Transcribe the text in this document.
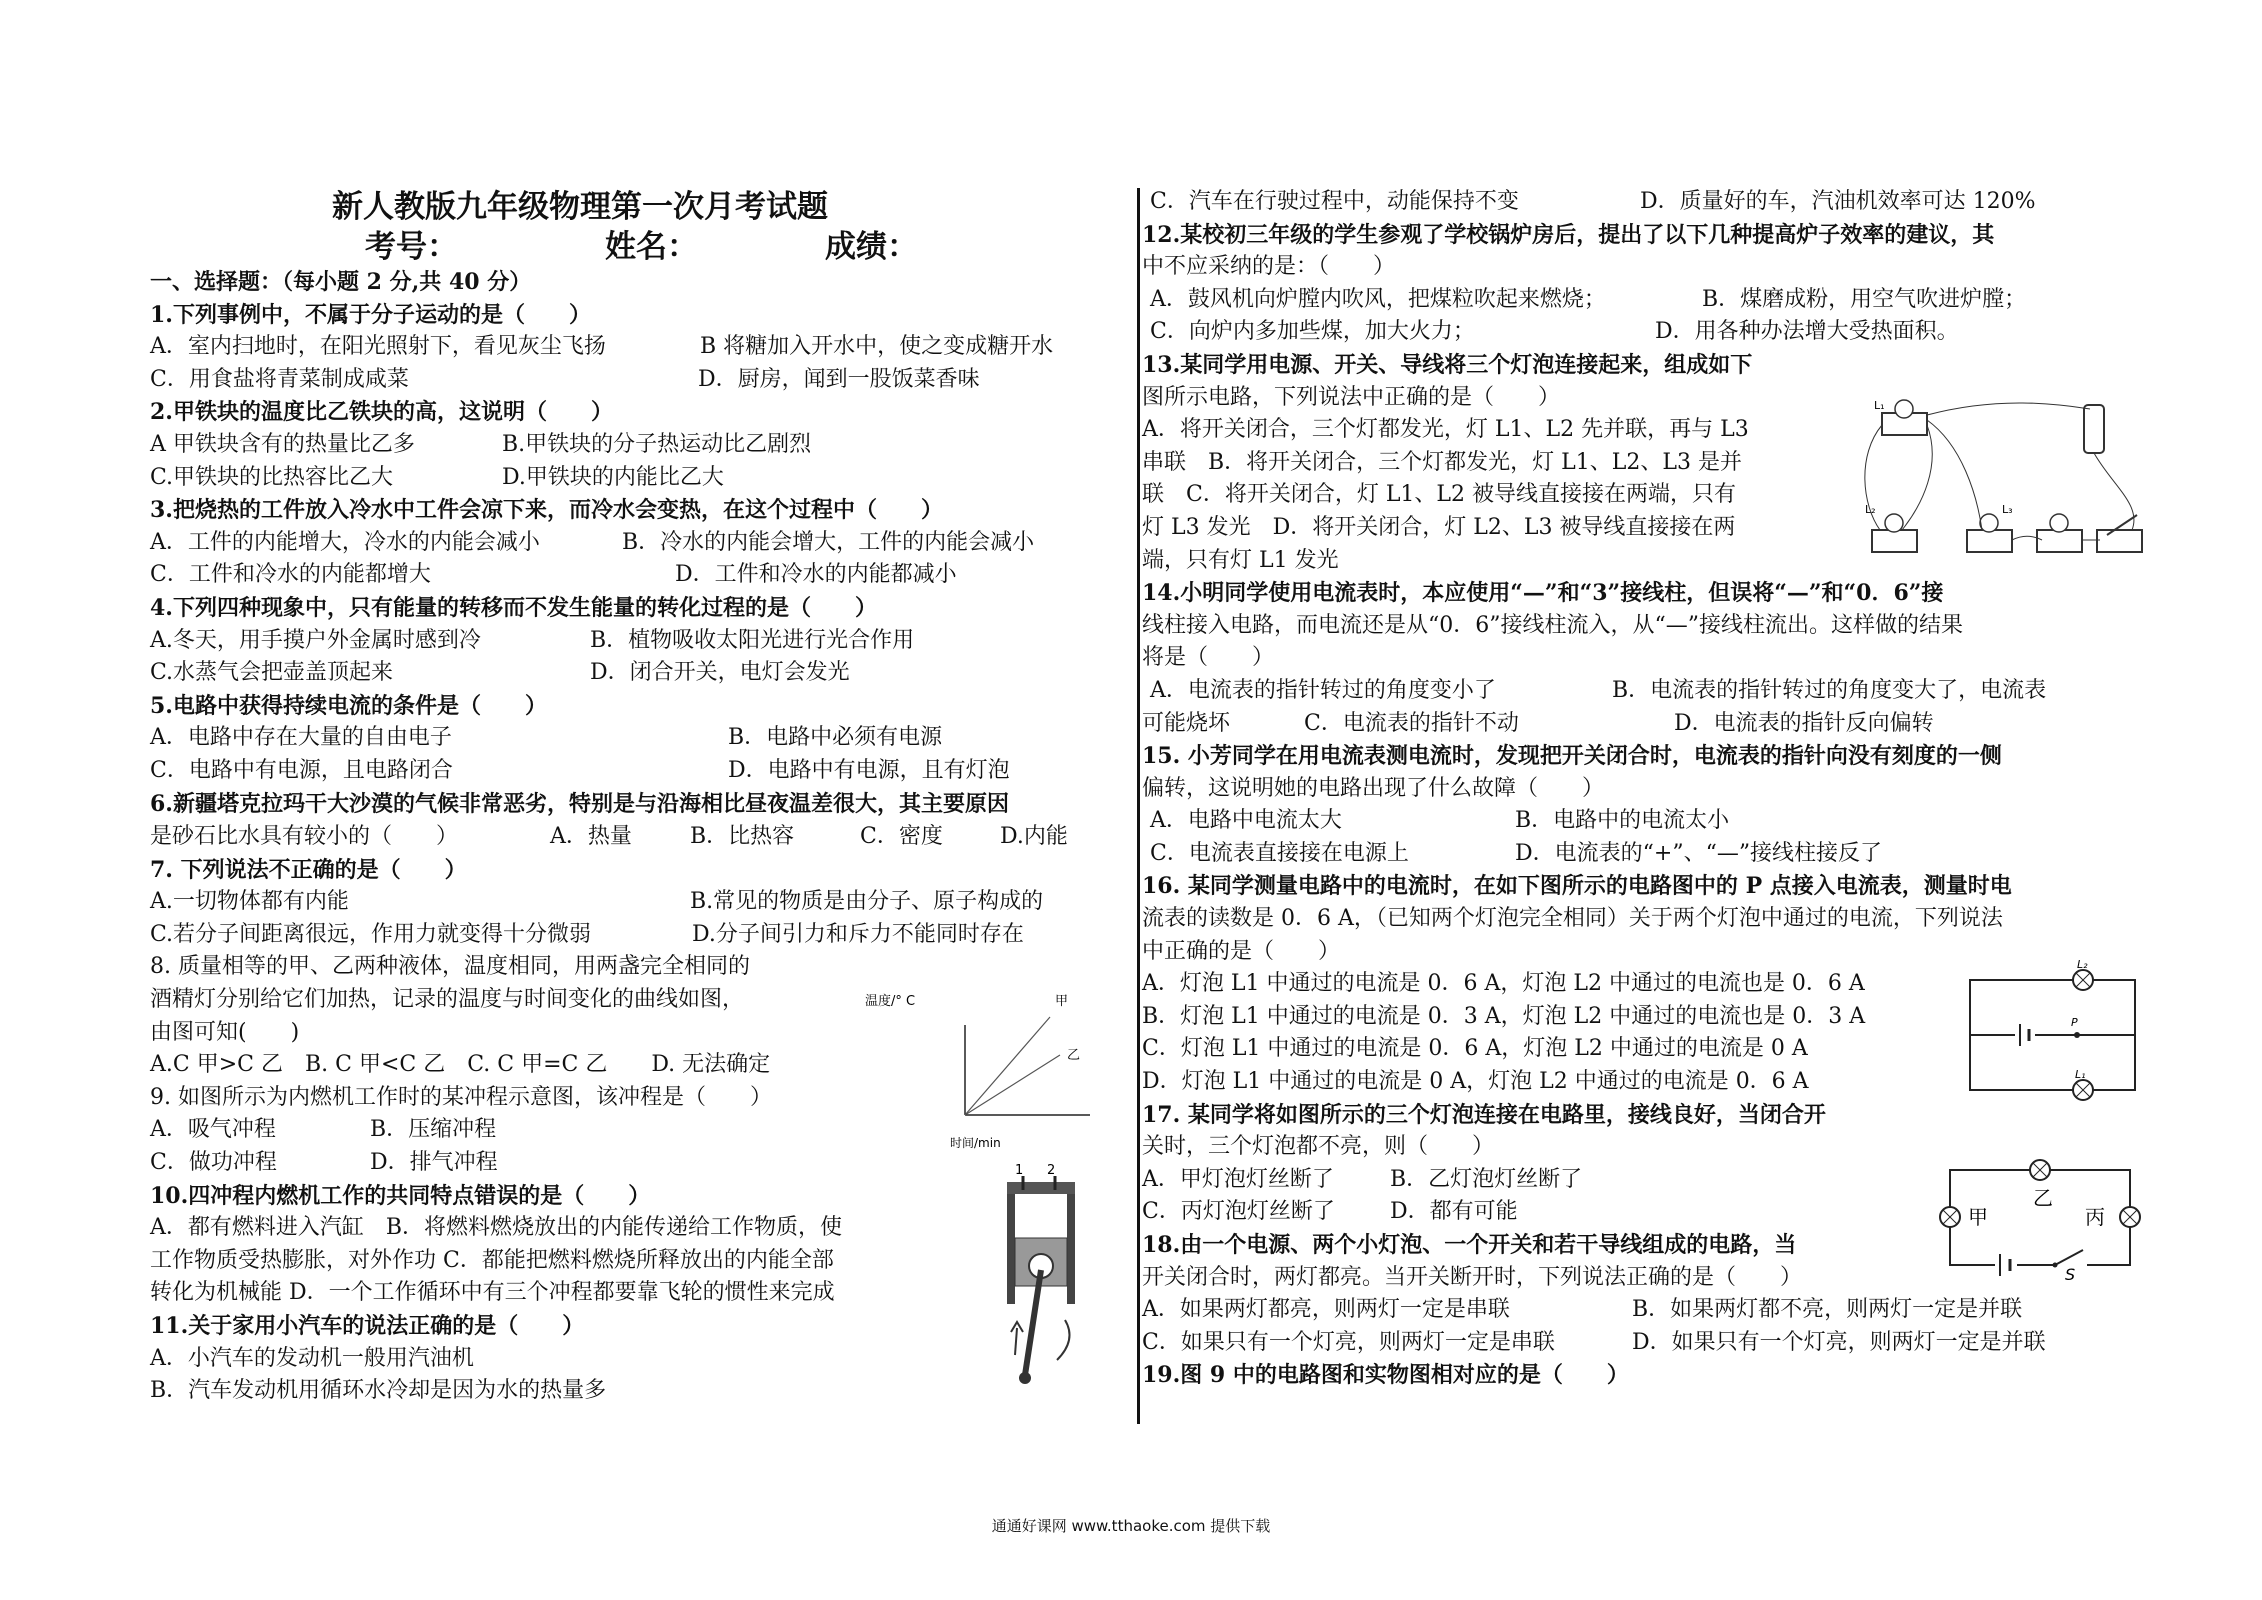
新人教版九年级物理第一次月考试题
考号：	姓名：	成绩：
一、选择题：（每小题 2 分,共 40 分）
1.下列事例中，不属于分子运动的是（　　）
A．室内扫地时，在阳光照射下，看见灰尘飞扬	B 将糖加入开水中，使之变成糖开水
C．用食盐将青菜制成咸菜	D．厨房，闻到一股饭菜香味
2.甲铁块的温度比乙铁块的高，这说明（　　）
A 甲铁块含有的热量比乙多	B.甲铁块的分子热运动比乙剧烈
C.甲铁块的比热容比乙大	D.甲铁块的内能比乙大
3.把烧热的工件放入冷水中工件会凉下来，而冷水会变热，在这个过程中（　　）
A．工件的内能增大，冷水的内能会减小	B．冷水的内能会增大，工件的内能会减小
C．工件和冷水的内能都增大	D．工件和冷水的内能都减小
4.下列四种现象中，只有能量的转移而不发生能量的转化过程的是（　　）
A.冬天，用手摸户外金属时感到冷	B．植物吸收太阳光进行光合作用
C.水蒸气会把壶盖顶起来	D．闭合开关，电灯会发光
5.电路中获得持续电流的条件是（　　）
A．电路中存在大量的自由电子	B．电路中必须有电源
C．电路中有电源，且电路闭合	D．电路中有电源，且有灯泡
6.新疆塔克拉玛干大沙漠的气候非常恶劣，特别是与沿海相比昼夜温差很大，其主要原因
是砂石比水具有较小的（　　）	A．热量	B．比热容	C．密度	D.内能
7. 下列说法不正确的是（　　）
A.一切物体都有内能	B.常见的物质是由分子、原子构成的
C.若分子间距离很远，作用力就变得十分微弱	D.分子间引力和斥力不能同时存在
8. 质量相等的甲、乙两种液体，温度相同，用两盏完全相同的
酒精灯分别给它们加热，记录的温度与时间变化的曲线如图，
由图可知(　　)
A.C 甲>C 乙　B. C 甲<C 乙　C. C 甲=C 乙　　D. 无法确定
9. 如图所示为内燃机工作时的某冲程示意图，该冲程是（　　）
A．吸气冲程	B．压缩冲程
C．做功冲程	D．排气冲程
10.四冲程内燃机工作的共同特点错误的是（　　）
A．都有燃料进入汽缸　B．将燃料燃烧放出的内能传递给工作物质，使
工作物质受热膨胀，对外作功 C．都能把燃料燃烧所释放出的内能全部
转化为机械能 D．一个工作循环中有三个冲程都要靠飞轮的惯性来完成
11.关于家用小汽车的说法正确的是（　　）
A．小汽车的发动机一般用汽油机
B．汽车发动机用循环水冷却是因为水的热量多
温度/° C	甲
乙
时间/min
1 2
C．汽车在行驶过程中，动能保持不变	D．质量好的车，汽油机效率可达 120%
12.某校初三年级的学生参观了学校锅炉房后，提出了以下几种提高炉子效率的建议，其
中不应采纳的是：（　　）
A．鼓风机向炉膛内吹风，把煤粒吹起来燃烧；	B．煤磨成粉，用空气吹进炉膛；
C．向炉内多加些煤，加大火力；	D．用各种办法增大受热面积。
13.某同学用电源、开关、导线将三个灯泡连接起来，组成如下
图所示电路，下列说法中正确的是（　　）
A．将开关闭合，三个灯都发光，灯 L1、L2 先并联，再与 L3
串联　B．将开关闭合，三个灯都发光，灯 L1、L2、L3 是并
联　C．将开关闭合，灯 L1、L2 被导线直接接在两端，只有
灯 L3 发光　D．将开关闭合，灯 L2、L3 被导线直接接在两
端，只有灯 L1 发光
14.小明同学使用电流表时，本应使用“—”和“3”接线柱，但误将“—”和“0．6”接
线柱接入电路，而电流还是从“0．6”接线柱流入，从“—”接线柱流出。这样做的结果
将是（　　）
A．电流表的指针转过的角度变小了	B．电流表的指针转过的角度变大了，电流表
可能烧坏	C．电流表的指针不动	D．电流表的指针反向偏转
15. 小芳同学在用电流表测电流时，发现把开关闭合时，电流表的指针向没有刻度的一侧
偏转，这说明她的电路出现了什么故障（　　）
A．电路中电流太大	B．电路中的电流太小
C．电流表直接接在电源上	D．电流表的“+”、“—”接线柱接反了
16. 某同学测量电路中的电流时，在如下图所示的电路图中的 P 点接入电流表，测量时电
流表的读数是 0．6 A，（已知两个灯泡完全相同）关于两个灯泡中通过的电流，下列说法
中正确的是（　　）
A．灯泡 L1 中通过的电流是 0．6 A，灯泡 L2 中通过的电流也是 0．6 A
B．灯泡 L1 中通过的电流是 0．3 A，灯泡 L2 中通过的电流也是 0．3 A
C．灯泡 L1 中通过的电流是 0．6 A，灯泡 L2 中通过的电流是 0 A
D．灯泡 L1 中通过的电流是 0 A，灯泡 L2 中通过的电流是 0．6 A
17. 某同学将如图所示的三个灯泡连接在电路里，接线良好，当闭合开
关时，三个灯泡都不亮，则（　　）
A．甲灯泡灯丝断了	B．乙灯泡灯丝断了
C．丙灯泡灯丝断了	D．都有可能
18.由一个电源、两个小灯泡、一个开关和若干导线组成的电路，当
开关闭合时，两灯都亮。当开关断开时，下列说法正确的是（　　）
A．如果两灯都亮，则两灯一定是串联	B．如果两灯都不亮，则两灯一定是并联
C．如果只有一个灯亮，则两灯一定是串联	D．如果只有一个灯亮，则两灯一定是并联
19.图 9 中的电路图和实物图相对应的是（　　）
L₁
L₂	L₃
L₂
L₁
P
乙
甲	丙
S
通通好课网 www.tthaoke.com 提供下载
